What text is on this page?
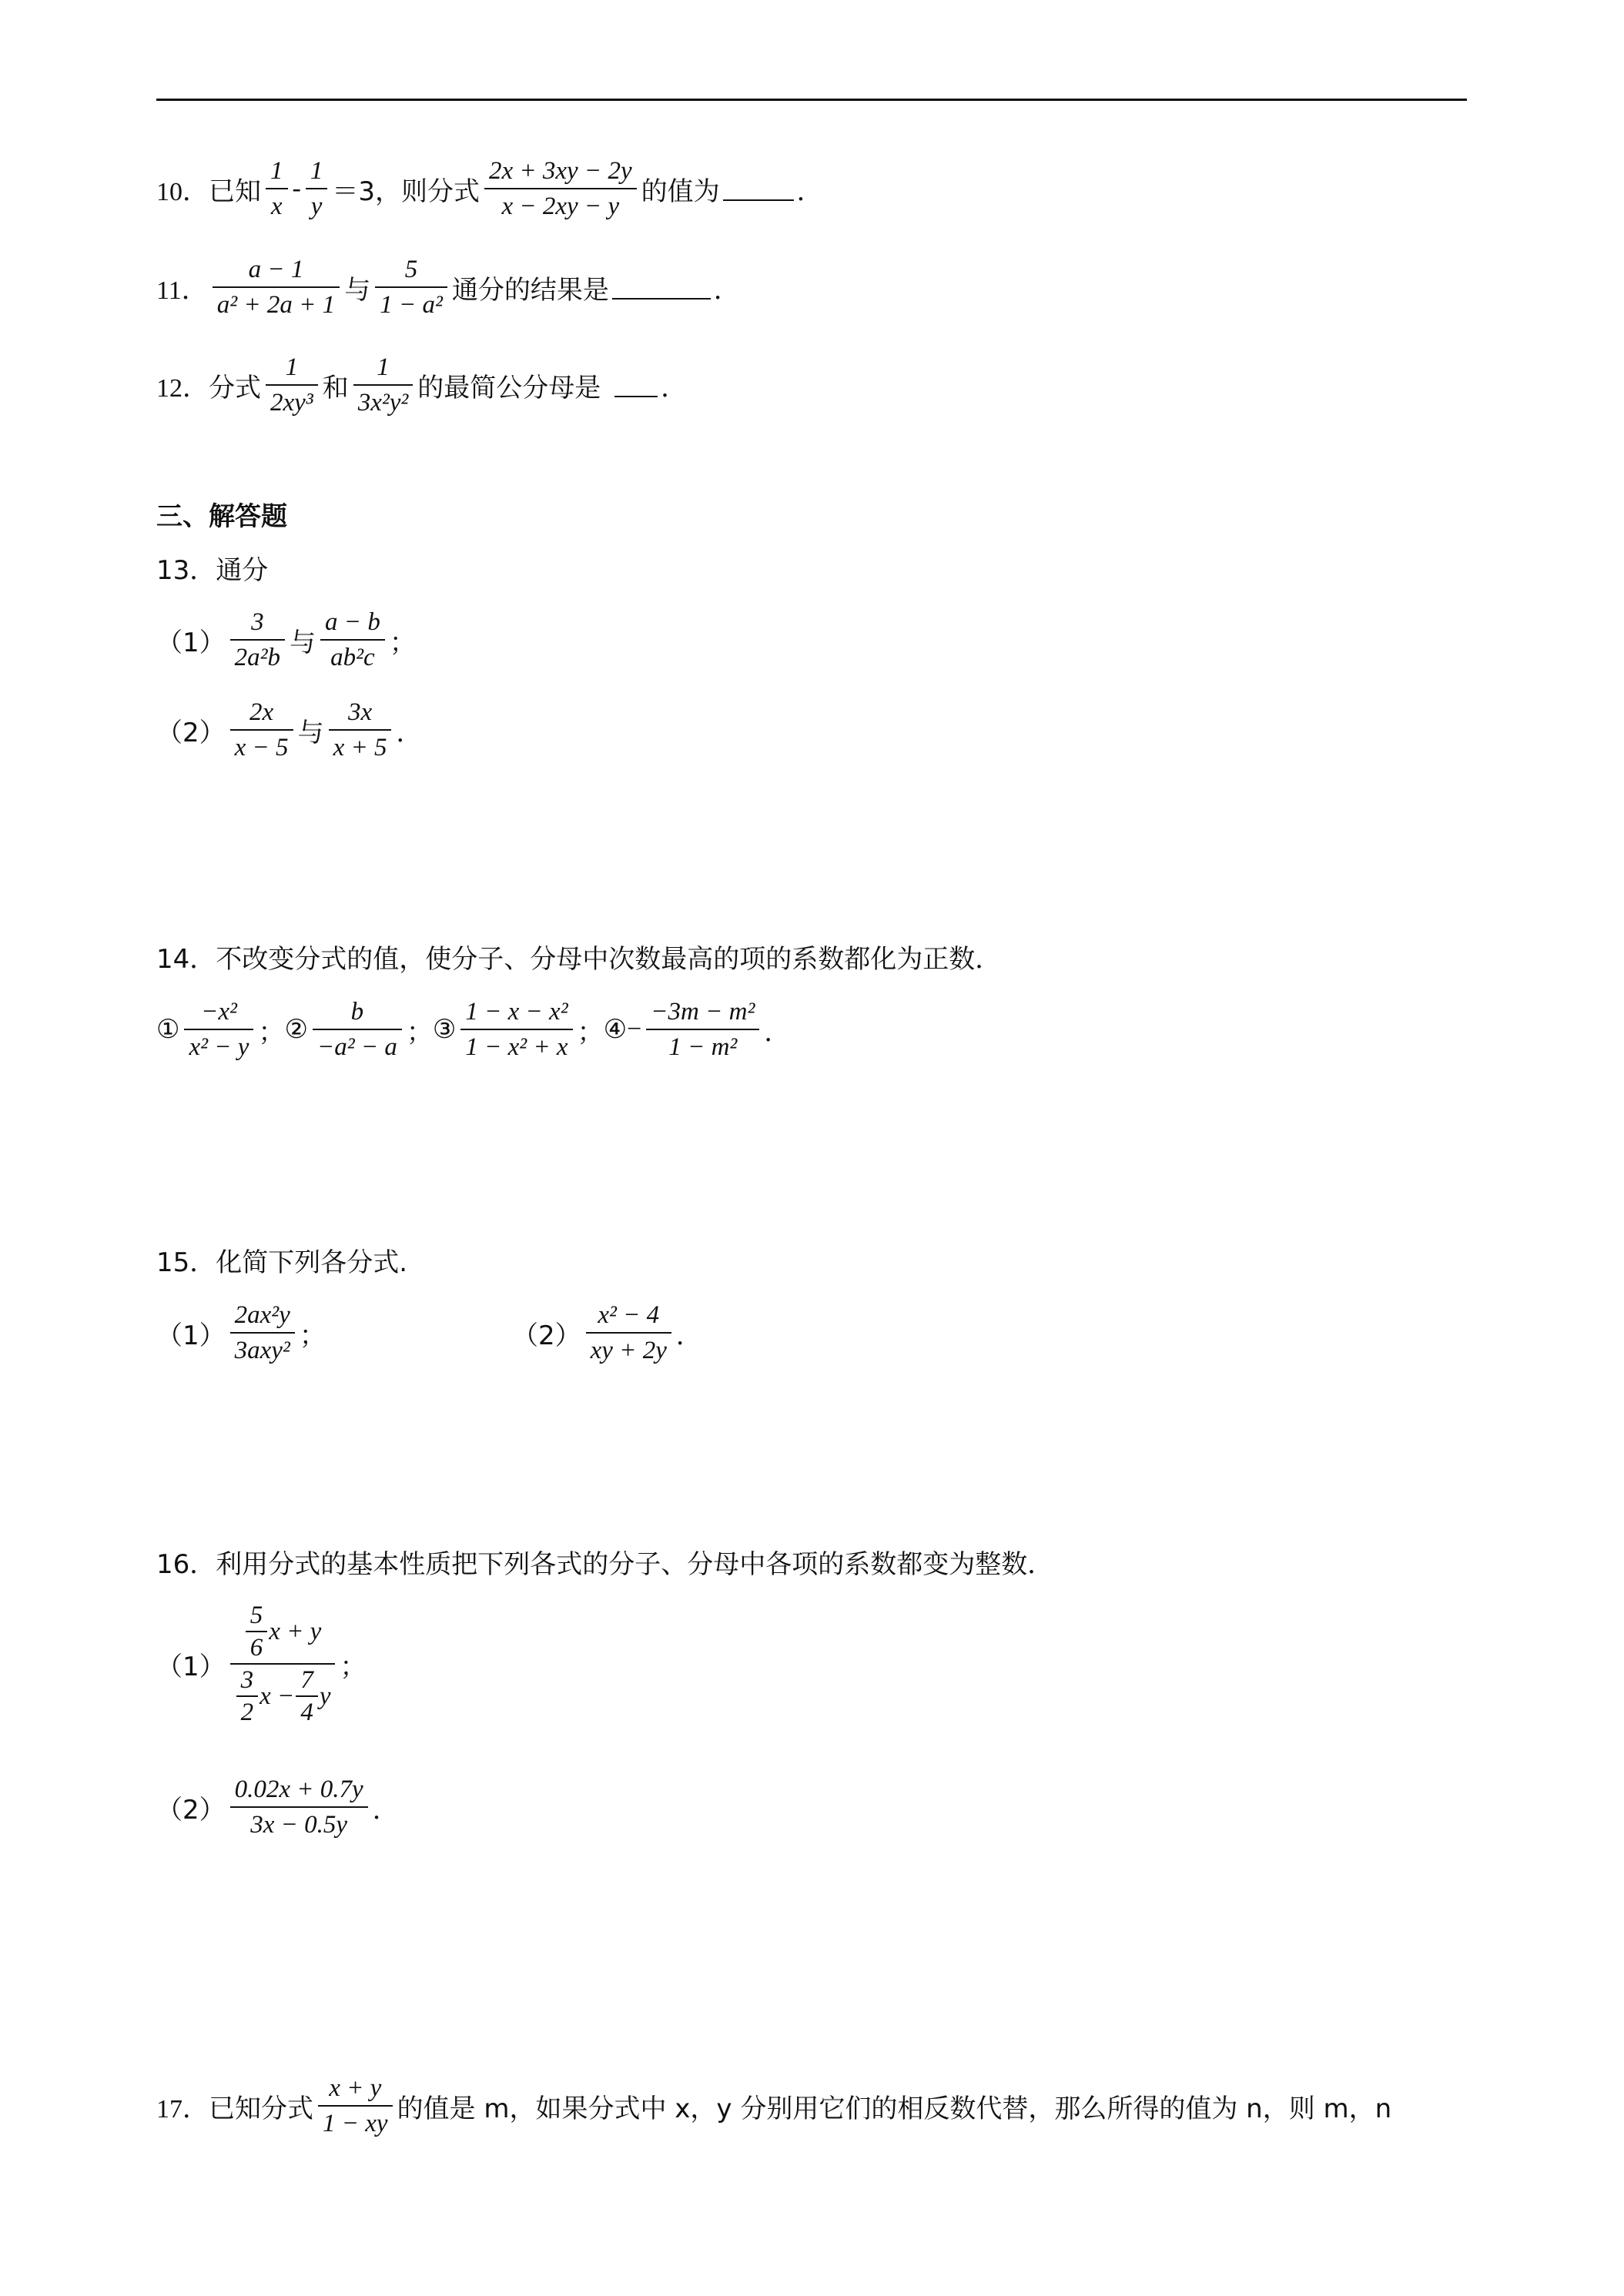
10． 已知 $\frac{1}{x} - \frac{1}{y} =3$，则分式 $\frac{2x + 3xy - 2y}{x - 2xy - y}$ 的值为	．
11． $\frac{a - 1}{\text{a² + 2a + 1}}$ 与 $\frac{5}{\text{1 − a²}}$ 通分的结果是	．
12． 分式 $\frac{1}{\text{2xy³}}$ 和 $\frac{1}{\text{3x²y²}}$ 的最简公分母是 ．
三、解答题
13．通分
$(1) \frac{3}{\text{2a²b}}$ 与 $\frac{a - b}{\text{ab²c}}$ ；
$(2) \frac{2x}{x - 5}$ 与 $\frac{3x}{x + 5}$ ．
14．不改变分式的值，使分子、分母中次数最高的项的系数都化为正数．
① $\frac{\text{−x²}}{\text{x² − y}}$ ； ② $\frac{b}{\text{−a² − a}}$ ； ③ $\frac{\text{1 − x − x²}}{\text{1 − x² + x}}$ ； ④ − $\frac{\text{−3m − m²}}{\text{1 − m²}}$ ．
15．化简下列各分式.
$(1) \frac{\text{2ax²y}}{\text{3axy²}}$ ；	$(2) \frac{\text{x² − 4}}{xy + 2y}$ ．
16．利用分式的基本性质把下列各式的分子、分母中各项的系数都变为整数．
（1）
$\frac{5}{6}$ x + y
$\frac{3}{2}$ $x - \frac{7}{4}$ y
；
$(2) \frac{0.02x + 0.7y}{3x - 0.5y}$ ．
17． 已知分式 $\frac{x + y}{1 - xy}$ 的值是 m，如果分式中 x，y 分别用它们的相反数代替，那么所得的值为 n，则 m，n
